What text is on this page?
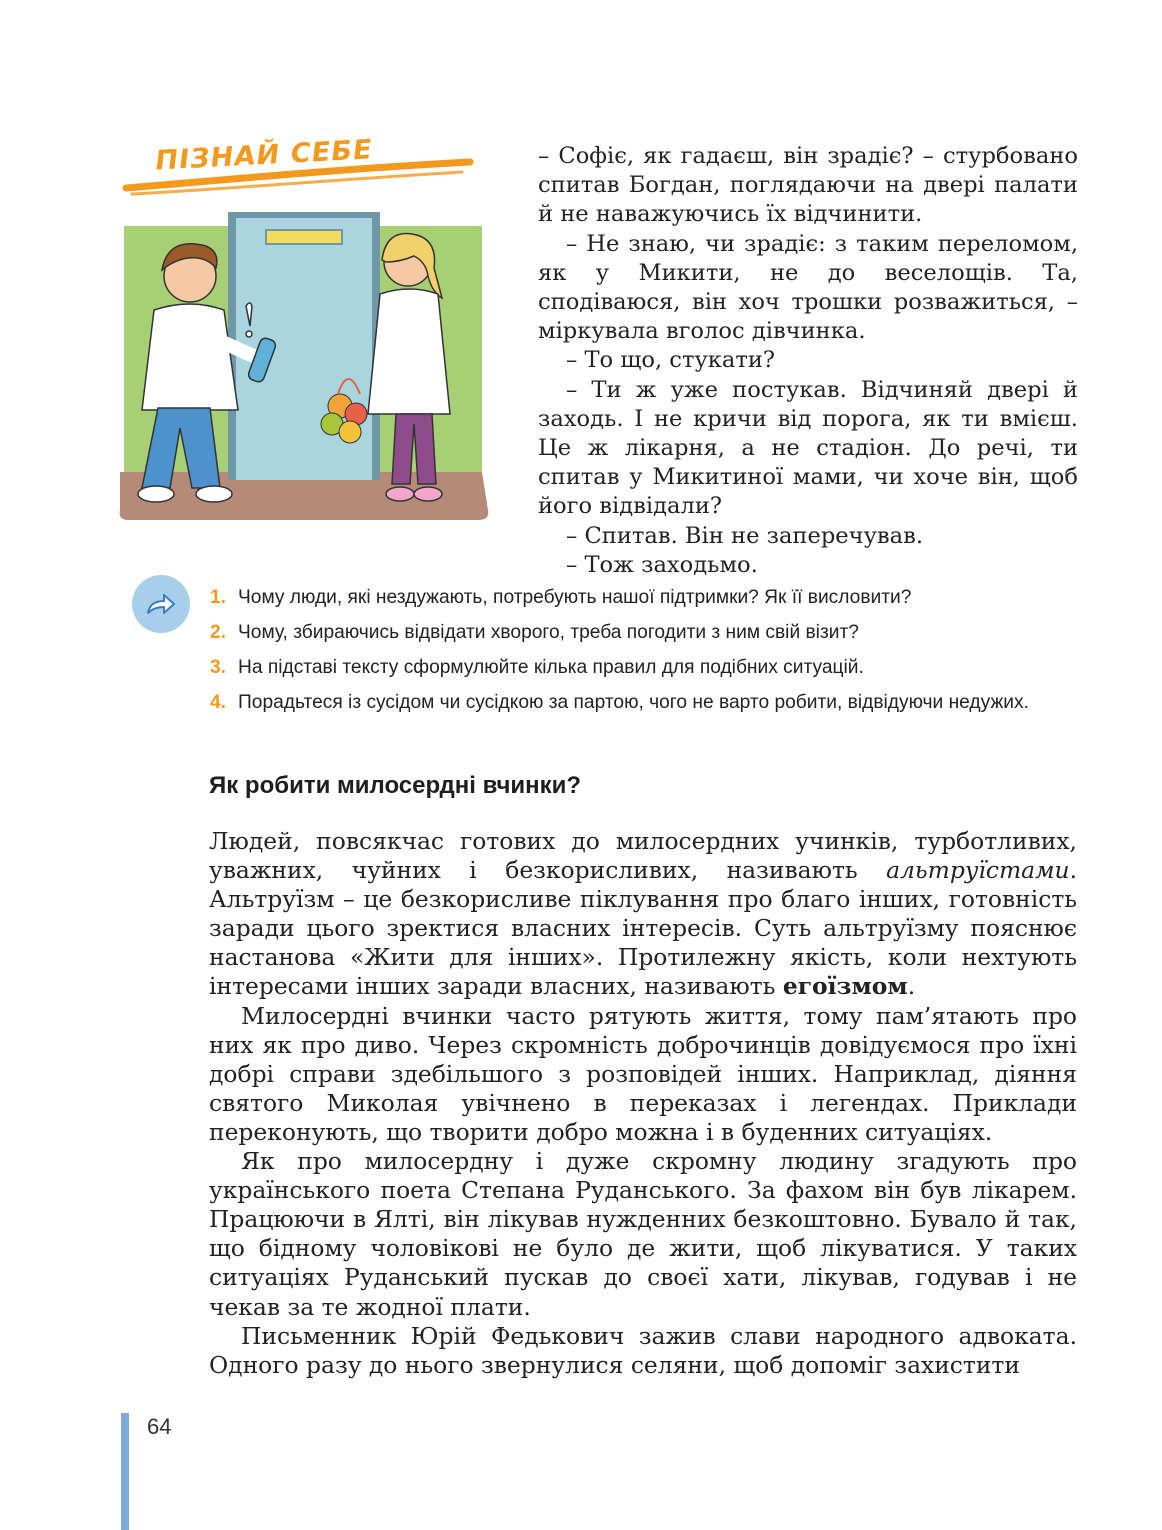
ПІЗНАЙ СЕБЕ	– Софіє, як гадаєш, він зрадіє? – стурбовано спитав Богдан, поглядаючи на двері палати й не наважуючись їх відчинити.

– Не знаю, чи зрадіє: з таким переломом, як у Микити, не до веселощів. Та, сподіваюся, він хоч трошки розважиться, – міркувала вголос дівчинка.

– То що, стукати?

– Ти ж уже постукав. Відчиняй двері й заходь. І не кричи від порога, як ти вмієш. Це ж лікарня, а не стадіон. До речі, ти спитав у Микитиної мами, чи хоче він, щоб його відвідали?

– Спитав. Він не заперечував.

– Тож заходьмо.

1. Чому люди, які нездужають, потребують нашої підтримки? Як її висловити?
2. Чому, збираючись відвідати хворого, треба погодити з ним свій візит?
3. На підставі тексту сформулюйте кілька правил для подібних ситуацій.
4. Порадьтеся із сусідом чи сусідкою за партою, чого не варто робити, відвідуючи недужих.
Як робити милосердні вчинки?

Людей, повсякчас готових до милосердних учинків, турботливих, уважних, чуйних і безкорисливих, називають альтруїстами. Альтруїзм – це безкорисливе піклування про благо інших, готовність заради цього зректися власних інтересів. Суть альтруїзму пояснює настанова «Жити для інших». Протилежну якість, коли нехтують інтересами інших заради власних, називають егоїзмом.

Милосердні вчинки часто рятують життя, тому пам’ятають про них як про диво. Через скромність доброчинців довідуємося про їхні добрі справи здебільшого з розповідей інших. Наприклад, діяння святого Миколая увічнено в переказах і легендах. Приклади переконують, що творити добро можна і в буденних ситуаціях.

Як про милосердну і дуже скромну людину згадують про українського поета Степана Руданського. За фахом він був лікарем. Працюючи в Ялті, він лікував нужденних безкоштовно. Бувало й так, що бідному чоловікові не було де жити, щоб лікуватися. У таких ситуаціях Руданський пускав до своєї хати, лікував, годував і не чекав за те жодної плати.

Письменник Юрій Федькович зажив слави народного адвоката. Одного разу до нього звернулися селяни, щоб допоміг захистити

64
